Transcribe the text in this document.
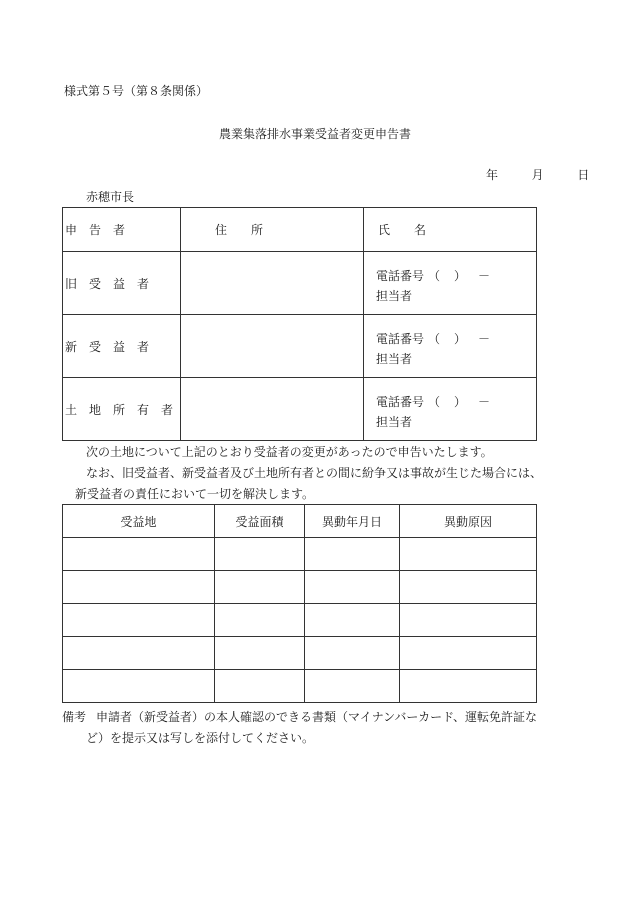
様式第５号（第８条関係）
農業集落排水事業受益者変更申告書
年	月	日
赤穂市長
申　告　者	住　　所	氏　　名

旧　受　益　者		電話番号 （ ） －
担当者

新　受　益　者		電話番号 （ ） －
担当者

土　地　所　有　者		電話番号 （ ） －
担当者
次の土地について上記のとおり受益者の変更があったので申告いたします。
なお、旧受益者、新受益者及び土地所有者との間に紛争又は事故が生じた場合には、
新受益者の責任において一切を解決します。
受益地	受益面積	異動年月日	異動原因

備考 申請者（新受益者）の本人確認のできる書類（マイナンバーカード、運転免許証な
ど）を提示又は写しを添付してください。
